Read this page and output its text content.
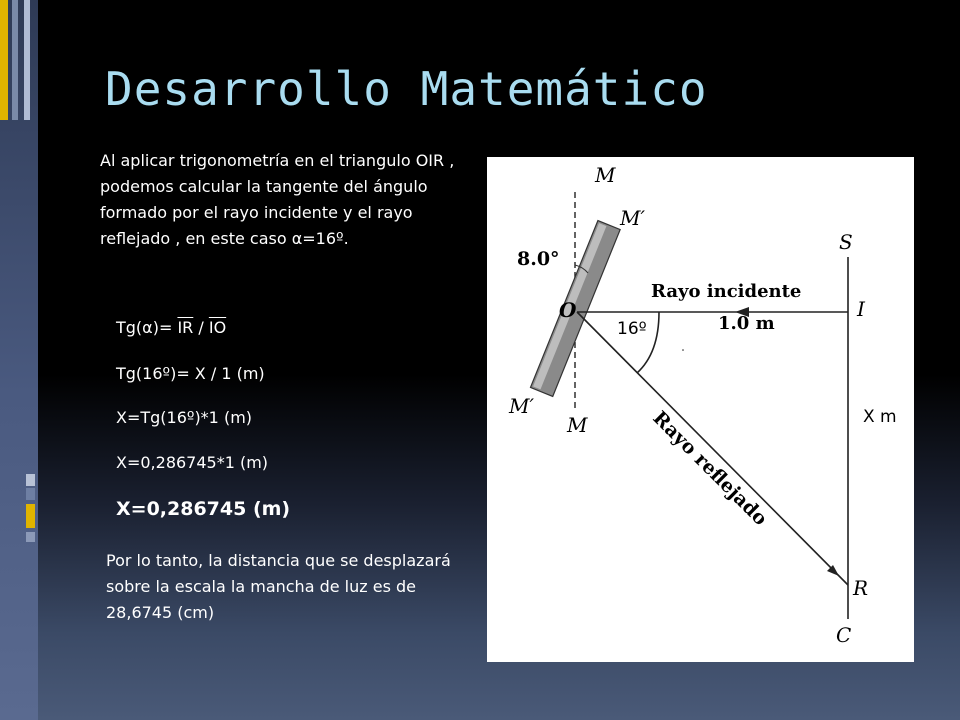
Desarrollo Matemático
Al aplicar trigonometría en el triangulo OIR , podemos calcular la tangente del ángulo formado por el rayo incidente y el rayo reflejado , en este caso α=16º.
$Tg(\alpha)= \overline{IR} / \overline{IO}$
Tg(16º)= X / 1 (m)
X=Tg(16º)*1 (m)
X=0,286745*1 (m)
X=0,286745 (m)
Por lo tanto, la distancia que se desplazará sobre la escala la mancha de luz es de 28,6745 (cm)
M
M′
8.0°
S
Rayo incidente
I
O
16º	1.0 m
M′
M	X m
Rayo reflejado
R
C
